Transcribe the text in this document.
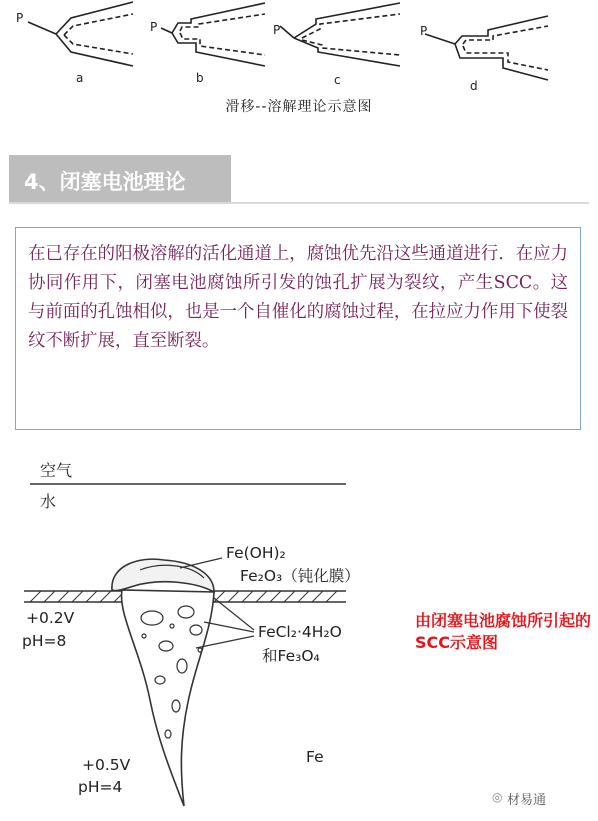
P
a
P
b
P
c
P
d
滑移--溶解理论示意图
4、闭塞电池理论
在已存在的阳极溶解的活化通道上，腐蚀优先沿这些通道进行．在应力协同作用下，闭塞电池腐蚀所引发的蚀孔扩展为裂纹，产生SCC。这与前面的孔蚀相似，也是一个自催化的腐蚀过程，在拉应力作用下使裂纹不断扩展，直至断裂。
空气
水
+0.2V
pH=8
Fe(OH)₂
Fe₂O₃（钝化膜）
FeCl₂·4H₂O
和Fe₃O₄
+0.5V
pH=4
Fe
由闭塞电池腐蚀所引起的SCC示意图
◎ 材易通
